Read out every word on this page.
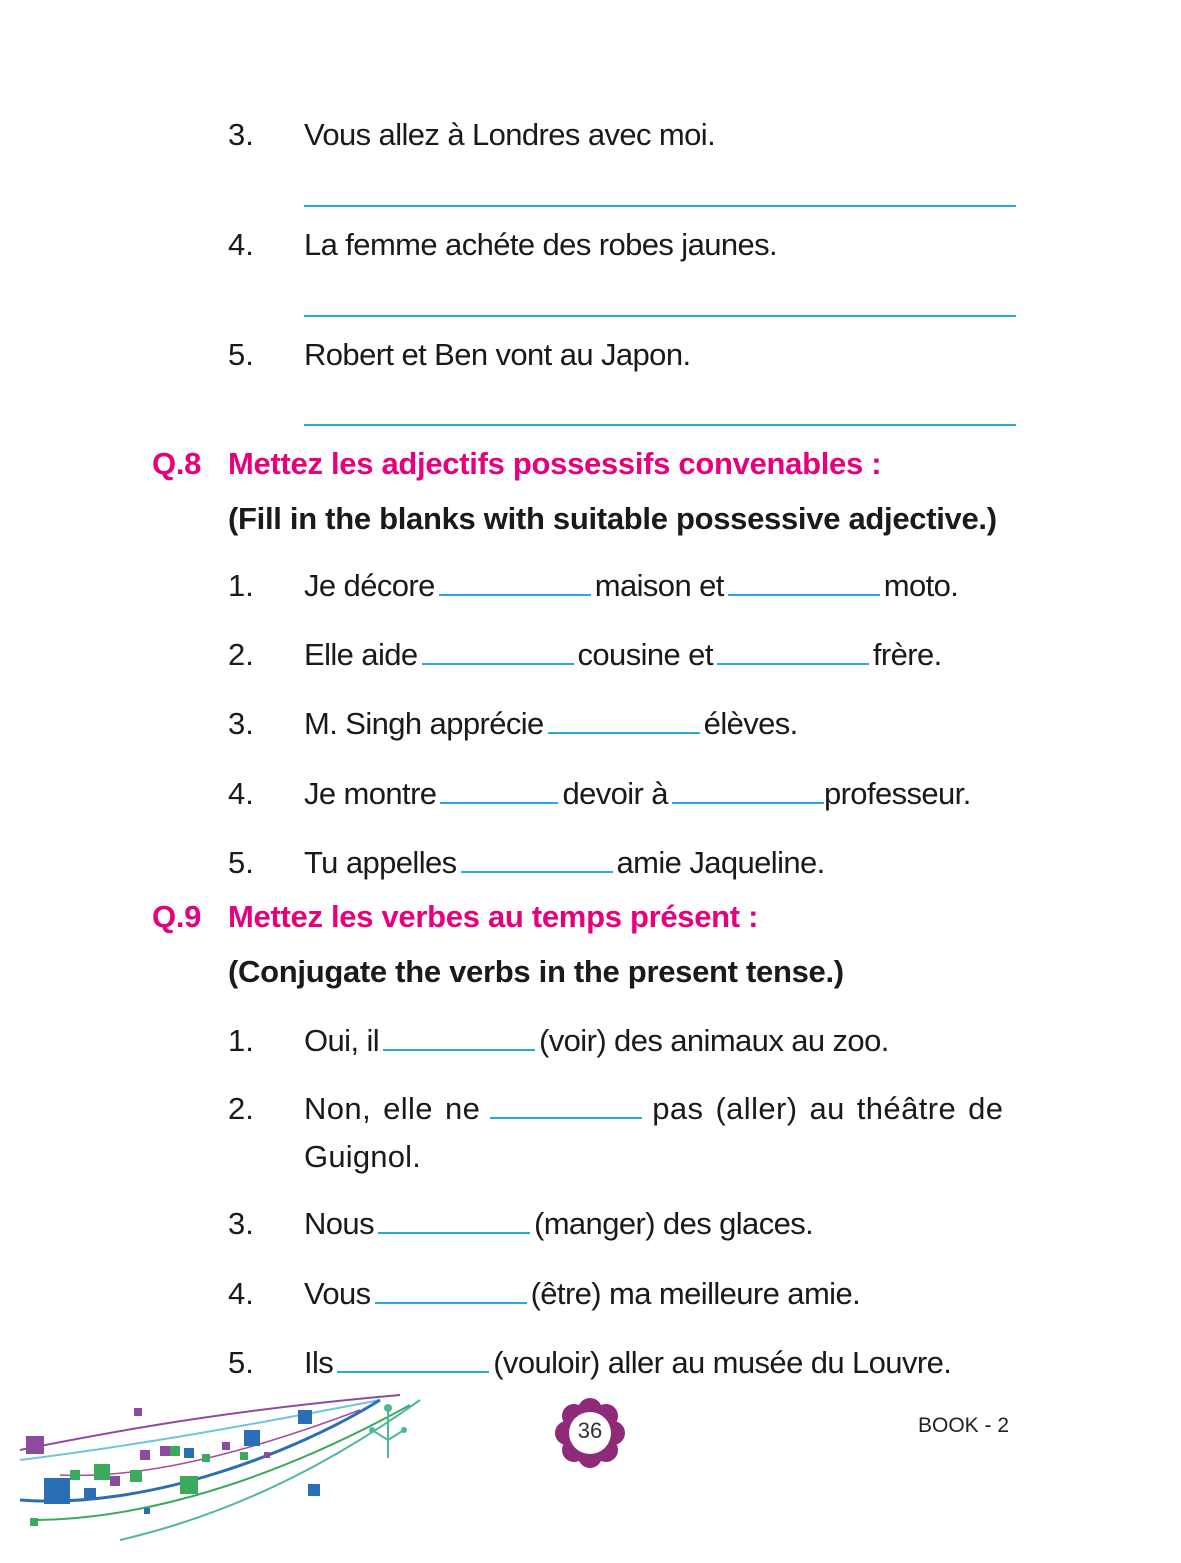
3. Vous allez à Londres avec moi.
4. La femme achéte des robes jaunes.
5. Robert et Ben vont au Japon.
Q.8 Mettez les adjectifs possessifs convenables :
(Fill in the blanks with suitable possessive adjective.)
1. Je décore	maison et	moto.
2. Elle aide	cousine et	frère.
3. M. Singh apprécie	élèves.
4. Je montre	devoir à	professeur.
5. Tu appelles	amie Jaqueline.
Q.9 Mettez les verbes au temps présent :
(Conjugate the verbs in the present tense.)
1. Oui, il	(voir) des animaux au zoo.
2. Non, elle ne	pas (aller) au théâtre de
Guignol.
3. Nous	(manger) des glaces.
4. Vous	(être) ma meilleure amie.
5. Ils	(vouloir) aller au musée du Louvre.
36	BOOK - 2
